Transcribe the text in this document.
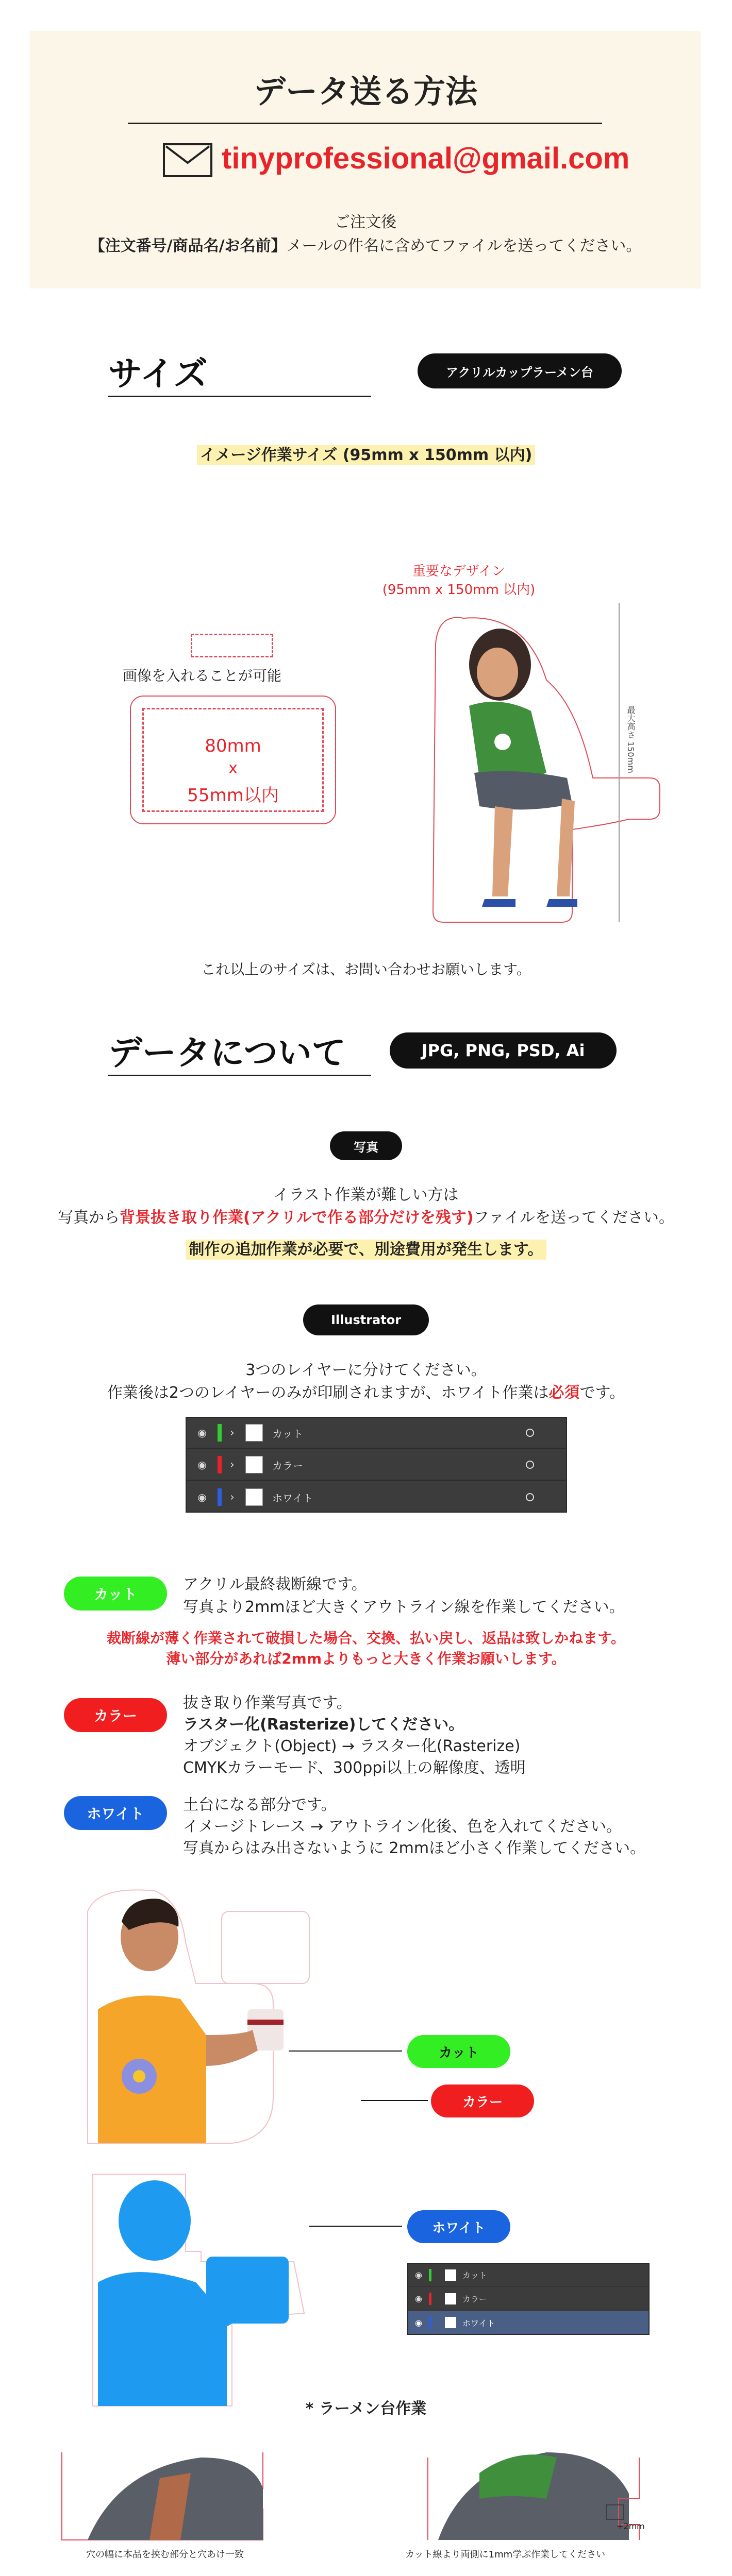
データ送る方法
tinyprofessional@gmail.com
ご注文後
【注文番号/商品名/お名前】メールの件名に含めてファイルを送ってください。
サイズ	アクリルカップラーメン台
イメージ作業サイズ (95mm x 150mm 以内)
重要なデザイン
(95mm x 150mm 以内)
画像を入れることが可能
80mm
x
55mm以内
最大高さ 150mm
これ以上のサイズは、お問い合わせお願いします。
データについて	JPG, PNG, PSD, Ai
写真
イラスト作業が難しい方は
写真から背景抜き取り作業(アクリルで作る部分だけを残す)ファイルを送ってください。
制作の追加作業が必要で、別途費用が発生します。
Illustrator
3つのレイヤーに分けてください。
作業後は2つのレイヤーのみが印刷されますが、ホワイト作業は必須です。
◉	›	カット
◉	›	カラー
◉	›	ホワイト
カット
アクリル最終裁断線です。
写真より2mmほど大きくアウトライン線を作業してください。
裁断線が薄く作業されて破損した場合、交換、払い戻し、返品は致しかねます。
薄い部分があれば2mmよりもっと大きく作業お願いします。
カラー
抜き取り作業写真です。
ラスター化(Rasterize)してください。
オブジェクト(Object) → ラスター化(Rasterize)
CMYKカラーモード、300ppi以上の解像度、透明
ホワイト	土台になる部分です。
イメージトレース → アウトライン化後、色を入れてください。
写真からはみ出さないように 2mmほど小さく作業してください。
カット
カラー
ホワイト
◉	カット
◉	カラー
◉	ホワイト
* ラーメン台作業
穴の幅に本品を挟む部分と穴あけ一致
+2mm
カット線より両側に1mm学ぶ作業してください
